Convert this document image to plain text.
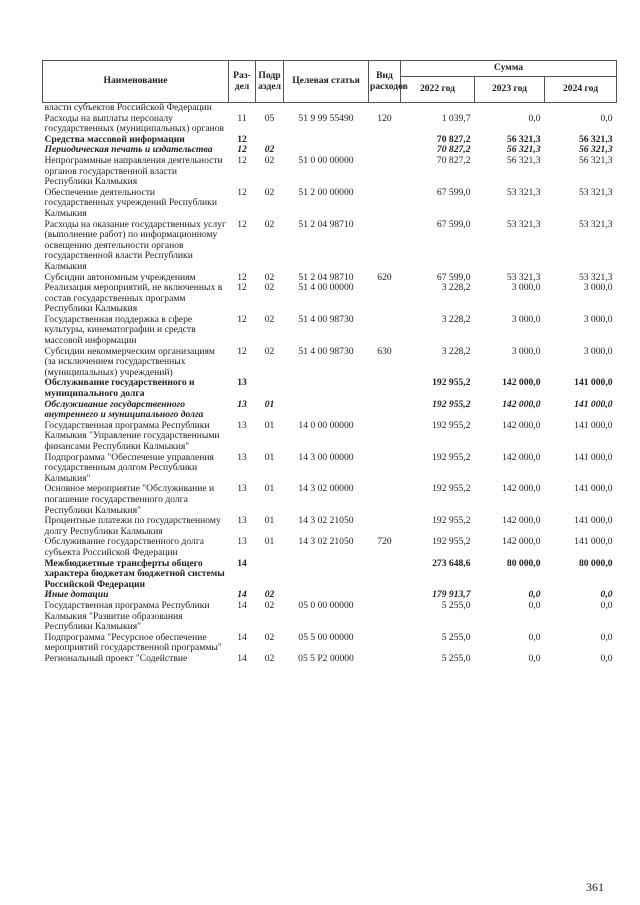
Наименование	Раз-дел	Подр аздел	Целевая статья	Вид расходов	Сумма		
					2022 год	2023 год	2024 год
власти субъектов Российской Федерации							
Расходы на выплаты персоналу государственных (муниципальных) органов	11	05	51 9 99 55490	120	1 039,7	0,0	0,0
Средства массовой информации	12				70 827,2	56 321,3	56 321,3
Периодическая печать и издательства	12	02			70 827,2	56 321,3	56 321,3
Непрограммные направления деятельности органов государственной власти Республики Калмыкия	12	02	51 0 00 00000		70 827,2	56 321,3	56 321,3
Обеспечение деятельности государственных учреждений Республики Калмыкия	12	02	51 2 00 00000		67 599,0	53 321,3	53 321,3
Расходы на оказание государственных услуг (выполнение работ) по информационному освещению деятельности органов государственной власти Республики Калмыкия	12	02	51 2 04 98710		67 599,0	53 321,3	53 321,3
Субсидии автономным учреждениям	12	02	51 2 04 98710	620	67 599,0	53 321,3	53 321,3
Реализация мероприятий, не включенных в состав государственных программ Республики Калмыкия	12	02	51 4 00 00000		3 228,2	3 000,0	3 000,0
Государственная поддержка в сфере культуры, кинематографии и средств массовой информации	12	02	51 4 00 98730		3 228,2	3 000,0	3 000,0
Субсидии некоммерческим организациям (за исключением государственных (муниципальных) учреждений)	12	02	51 4 00 98730	630	3 228,2	3 000,0	3 000,0
Обслуживание государственного и муниципального долга	13				192 955,2	142 000,0	141 000,0
Обслуживание государственного внутреннего и муниципального долга	13	01			192 955,2	142 000,0	141 000,0
Государственная программа Республики Калмыкия "Управление государственными финансами Республики Калмыкия"	13	01	14 0 00 00000		192 955,2	142 000,0	141 000,0
Подпрограмма "Обеспечение управления государственным долгом Республики Калмыкия"	13	01	14 3 00 00000		192 955,2	142 000,0	141 000,0
Основное мероприятие "Обслуживание и погашение государственного долга Республики Калмыкия"	13	01	14 3 02 00000		192 955,2	142 000,0	141 000,0
Процентные платежи по государственному долгу Республики Калмыкия	13	01	14 3 02 21050		192 955,2	142 000,0	141 000,0
Обслуживание государственного долга субъекта Российской Федерации	13	01	14 3 02 21050	720	192 955,2	142 000,0	141 000,0
Межбюджетные трансферты общего характера бюджетам бюджетной системы Российской Федерации	14				273 648,6	80 000,0	80 000,0
Иные дотации	14	02			179 913,7	0,0	0,0
Государственная программа Республики Калмыкия "Развитие образования Республики Калмыкия"	14	02	05 0 00 00000		5 255,0	0,0	0,0
Подпрограмма "Ресурсное обеспечение мероприятий государственной программы"	14	02	05 5 00 00000		5 255,0	0,0	0,0
Региональный проект "Содействие	14	02	05 5 P2 00000		5 255,0	0,0	0,0
361
